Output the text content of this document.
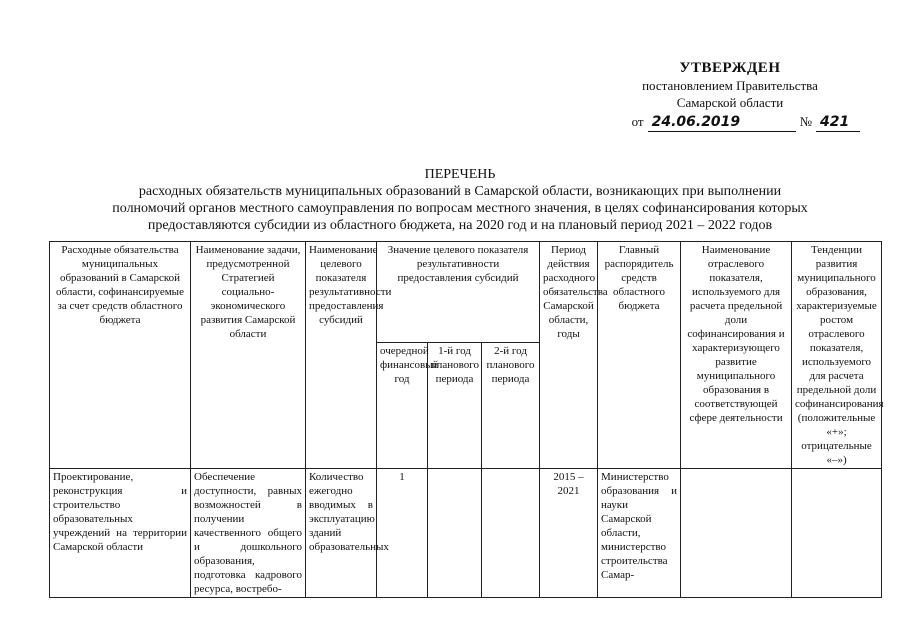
УТВЕРЖДЕН
постановлением Правительства
Самарской области
от 24.06.2019	№ 421
ПЕРЕЧЕНЬ
расходных обязательств муниципальных образований в Самарской области, возникающих при выполнении
полномочий органов местного самоуправления по вопросам местного значения, в целях софинансирования которых
предоставляются субсидии из областного бюджета, на 2020 год и на плановый период 2021 – 2022 годов
Расходные обязательства муниципальных образований в Самарской области, софинансируемые за счет средств областного бюджета	Наименование задачи, предусмотренной Стратегией социально-экономического развития Самарской области	Наименование целевого показателя результативности предоставления субсидий	Значение целевого показателя результативности предоставления субсидий			Период действия расходного обязательства Самарской области, годы	Главный распорядитель средств областного бюджета	Наименование отраслевого показателя, используемого для расчета предельной доли софинансирования и характеризующего развитие муниципального образования в соответствующей сфере деятельности	Тенденции развития муниципального образования, характеризуемые ростом отраслевого показателя, используемого для расчета предельной доли софинансирования (положительные «+»; отрицательные «–»)
			очередной финансовый год	1-й год планового периода	2-й год планового периода				
Проектирование, реконструкция и строительство образовательных учреждений на территории Самарской области	Обеспечение доступности, равных возможностей в получении качественного общего и дошкольного образования, подготовка кадрового ресурса, востребо-	Количество ежегодно вводимых в эксплуатацию зданий образовательных	1			2015 – 2021	Министерство образования и науки Самарской области, министерство строительства Самар-		
